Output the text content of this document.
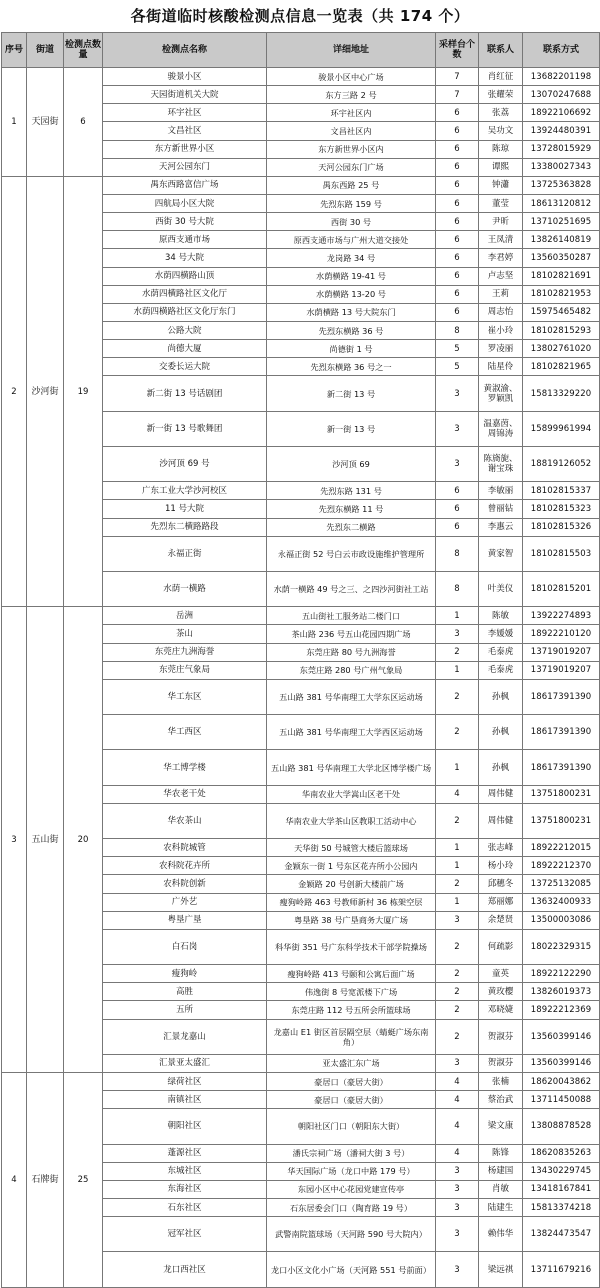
各街道临时核酸检测点信息一览表（共 174 个）
序号	街道	检测点数量	检测点名称	详细地址	采样台个数	联系人	联系方式
1	天园街	6	骏景小区	骏景小区中心广场	7	肖红征	13682201198
			天园街道机关大院	东方三路 2 号	7	张耀荣	13070247688
			环宇社区	环宇社区内	6	张荔	18922106692
			文昌社区	文昌社区内	6	吴功文	13924480391
			东方新世界小区	东方新世界小区内	6	陈琼	13728015929
			天河公园东门	天河公园东门广场	6	谭熙	13380027343
2	沙河街	19	禺东西路富信广场	禺东西路 25 号	6	钟瀟	13725363828
			四航局小区大院	先烈东路 159 号	6	董莹	18613120812
			西街 30 号大院	西街 30 号	6	尹昕	13710251695
			原西支通市场	原西支通市场与广州大道交接处	6	王凤清	13826140819
			34 号大院	龙岗路 34 号	6	李君婷	13560350287
			水荫四横路山顶	水荫横路 19-41 号	6	卢志坚	18102821691
			水荫四横路社区文化厅	水荫横路 13-20 号	6	王莉	18102821953
			水荫四横路社区文化厅东门	水荫横路 13 号大院东门	6	周志怡	15975465482
			公路大院	先烈东横路 36 号	8	崔小玲	18102815293
			尚德大厦	尚德街 1 号	5	罗凌丽	13802761020
			交委长运大院	先烈东横路 36 号之一	5	陆星伶	18102821965
			新二街 13 号话剧团	新二街 13 号	3	黄淑渝、罗颖凯	15813329220
			新一街 13 号歌舞团	新一街 13 号	3	温嘉茵、周锦涛	15899961994
			沙河顶 69 号	沙河顶 69	3	陈旖旎、谢宝珠	18819126052
			广东工业大学沙河校区	先烈东路 131 号	6	李敏丽	18102815337
			11 号大院	先烈东横路 11 号	6	曾丽钻	18102815323
			先烈东二横路路段	先烈东二横路	6	李惠云	18102815326
			永福正街	永福正街 52 号白云市政设施维护管理所	8	黄家智	18102815503
			水荫一横路	水荫一横路 49 号之三、之四沙河街社工站	8	叶美仪	18102815201
3	五山街	20	岳洲	五山街社工服务站二楼门口	1	陈敏	13922274893
			茶山	茶山路 236 号五山花园四期广场	3	李媛媛	18922210120
			东莞庄九洲海誉	东莞庄路 80 号九洲海誉	2	毛泰虎	13719019207
			东莞庄气象局	东莞庄路 280 号广州气象局	1	毛泰虎	13719019207
			华工东区	五山路 381 号华南理工大学东区运动场	2	孙枫	18617391390
			华工西区	五山路 381 号华南理工大学西区运动场	2	孙枫	18617391390
			华工博学楼	五山路 381 号华南理工大学北区博学楼广场	1	孙枫	18617391390
			华农老干处	华南农业大学嵩山区老干处	4	周伟健	13751800231
			华农茶山	华南农业大学茶山区教职工活动中心	2	周伟健	13751800231
			农科院城管	天华街 50 号城管大楼后篮球场	1	张志峰	18922212015
			农科院花卉所	金颖东一街 1 号东区花卉所小公园内	1	杨小玲	18922212370
			农科院创新	金颖路 20 号创新大楼前广场	2	邱穗冬	13725132085
			广外艺	瘦狗岭路 463 号教师新村 36 栋架空层	1	郑丽娜	13632400933
			粤垦广垦	粤垦路 38 号广垦商务大厦广场	3	余楚贤	13500003086
			白石岗	科华街 351 号广东科学技术干部学院操场	2	何疏影	18022329315
			瘦狗岭	瘦狗岭路 413 号颐和公寓后面广场	2	童英	18922122290
			高胜	伟逸街 8 号宽派楼下广场	2	黄玫樱	13826019373
			五所	东莞庄路 112 号五所会所篮球场	2	邓晓婕	18922212369
			汇景龙嘉山	龙嘉山 E1 街区首层隔空层（蜻蜓广场东南角）	2	贺淑芬	13560399146
			汇景亚太盛汇	亚太盛汇东广场	3	贺淑芬	13560399146
4	石牌街	25	绿荷社区	豪居口（豪居大街）	4	张楠	18620043862
			南镇社区	豪居口（豪居大街）	4	蔡治武	13711450088
			朝阳社区	朝阳社区门口（朝阳东大街）	4	梁文康	13808878528
			蓬源社区	潘氏宗祠广场（潘祠大街 3 号）	4	陈锋	18620835263
			东城社区	华天国际广场（龙口中路 179 号）	3	杨建国	13430229745
			东海社区	东园小区中心花园党建宣传亭	3	肖敏	13418167841
			石东社区	石东居委会门口（陶育路 19 号）	3	陆建生	15813374218
			冠军社区	武警南院篮球场（天河路 590 号大院内）	3	赖伟华	13824473547
			龙口西社区	龙口小区文化小广场（天河路 551 号前面）	3	梁远祺	13711679216
